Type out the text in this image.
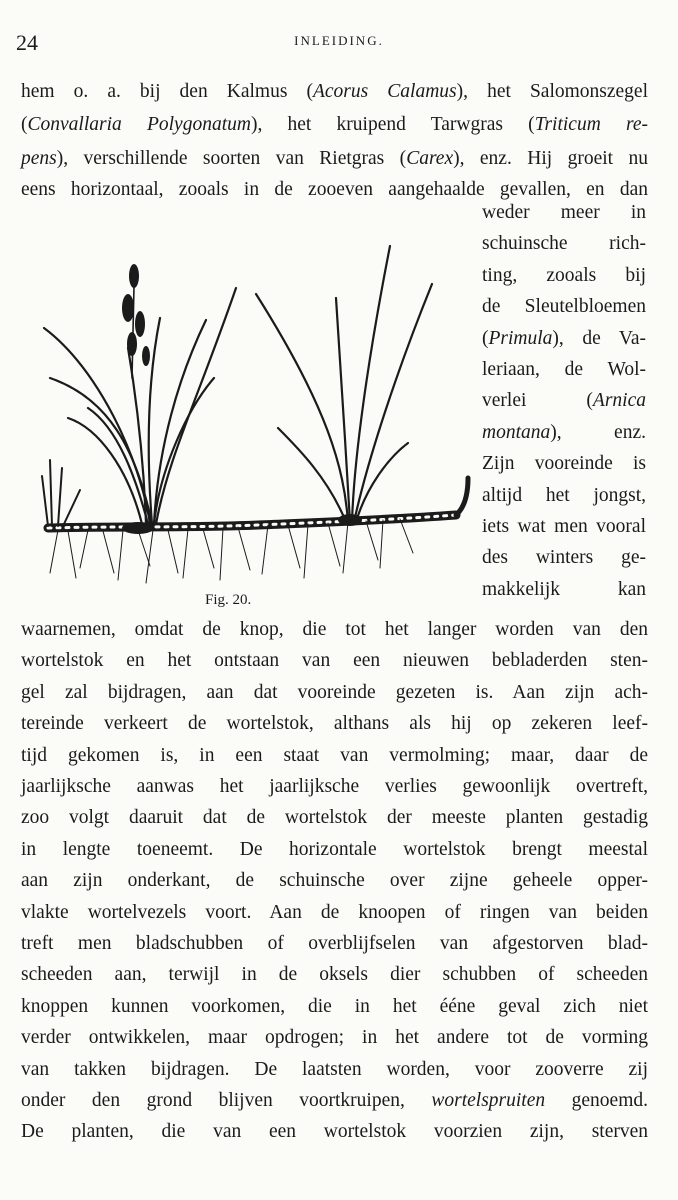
24	INLEIDING.
hem o. a. bij den Kalmus (Acorus Calamus), het Salomonszegel
(Convallaria Polygonatum), het kruipend Tarwgras (Triticum re-
pens), verschillende soorten van Rietgras (Carex), enz. Hij groeit nu
eens horizontaal, zooals in de zooeven aangehaalde gevallen, en dan
weder meer in
schuinsche rich-
ting, zooals bij
de Sleutelbloemen
(Primula), de Va-
leriaan, de Wol-
verlei (Arnica
montana), enz.
Zijn vooreinde is
altijd het jongst,
iets wat men vooral
des winters ge-
makkelijk kan
Fig. 20.
waarnemen, omdat de knop, die tot het langer worden van den
wortelstok en het ontstaan van een nieuwen bebladerden sten-
gel zal bijdragen, aan dat vooreinde gezeten is. Aan zijn ach-
tereinde verkeert de wortelstok, althans als hij op zekeren leef-
tijd gekomen is, in een staat van vermolming; maar, daar de
jaarlijksche aanwas het jaarlijksche verlies gewoonlijk overtreft,
zoo volgt daaruit dat de wortelstok der meeste planten gestadig
in lengte toeneemt. De horizontale wortelstok brengt meestal
aan zijn onderkant, de schuinsche over zijne geheele opper-
vlakte wortelvezels voort. Aan de knoopen of ringen van beiden
treft men bladschubben of overblijfselen van afgestorven blad-
scheeden aan, terwijl in de oksels dier schubben of scheeden
knoppen kunnen voorkomen, die in het ééne geval zich niet
verder ontwikkelen, maar opdrogen; in het andere tot de vorming
van takken bijdragen. De laatsten worden, voor zooverre zij
onder den grond blijven voortkruipen, wortelspruiten genoemd.
De planten, die van een wortelstok voorzien zijn, sterven
